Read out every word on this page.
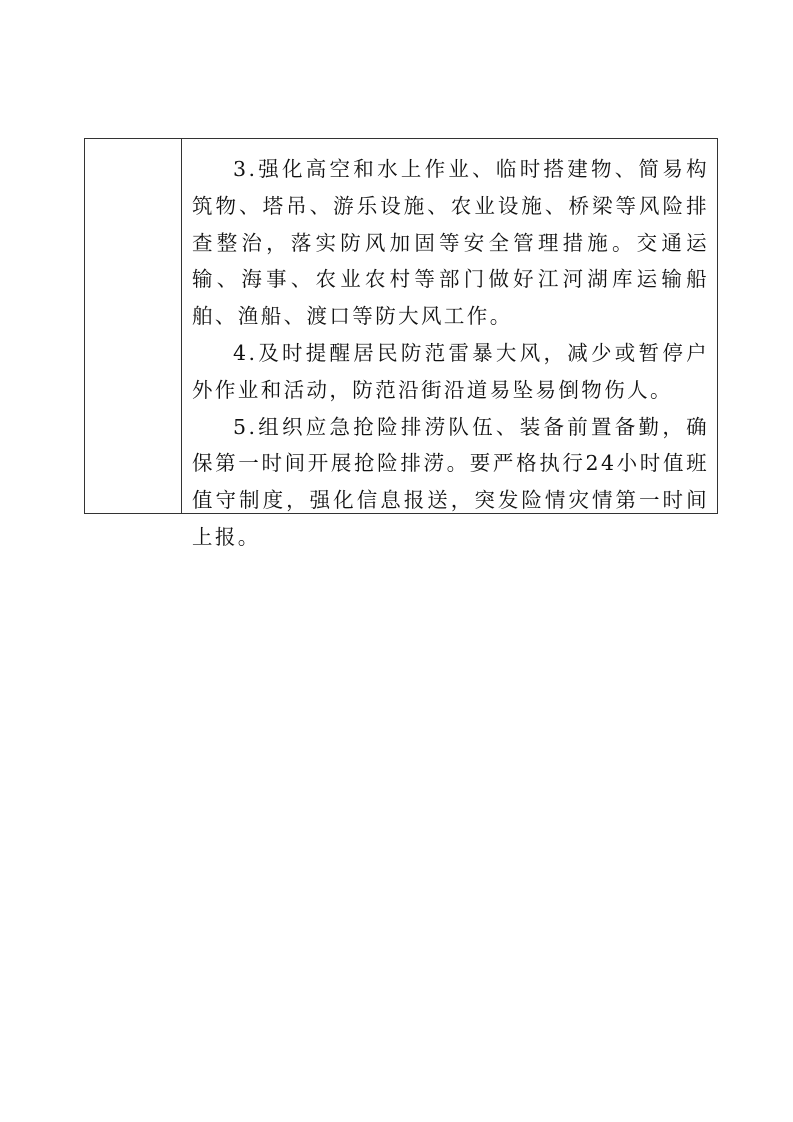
3.强化高空和水上作业、临时搭建物、简易构筑物、塔吊、游乐设施、农业设施、桥梁等风险排查整治，落实防风加固等安全管理措施。交通运输、海事、农业农村等部门做好江河湖库运输船舶、渔船、渡口等防大风工作。

4.及时提醒居民防范雷暴大风，减少或暂停户外作业和活动，防范沿街沿道易坠易倒物伤人。

5.组织应急抢险排涝队伍、装备前置备勤，确保第一时间开展抢险排涝。要严格执行24小时值班值守制度，强化信息报送，突发险情灾情第一时间上报。
